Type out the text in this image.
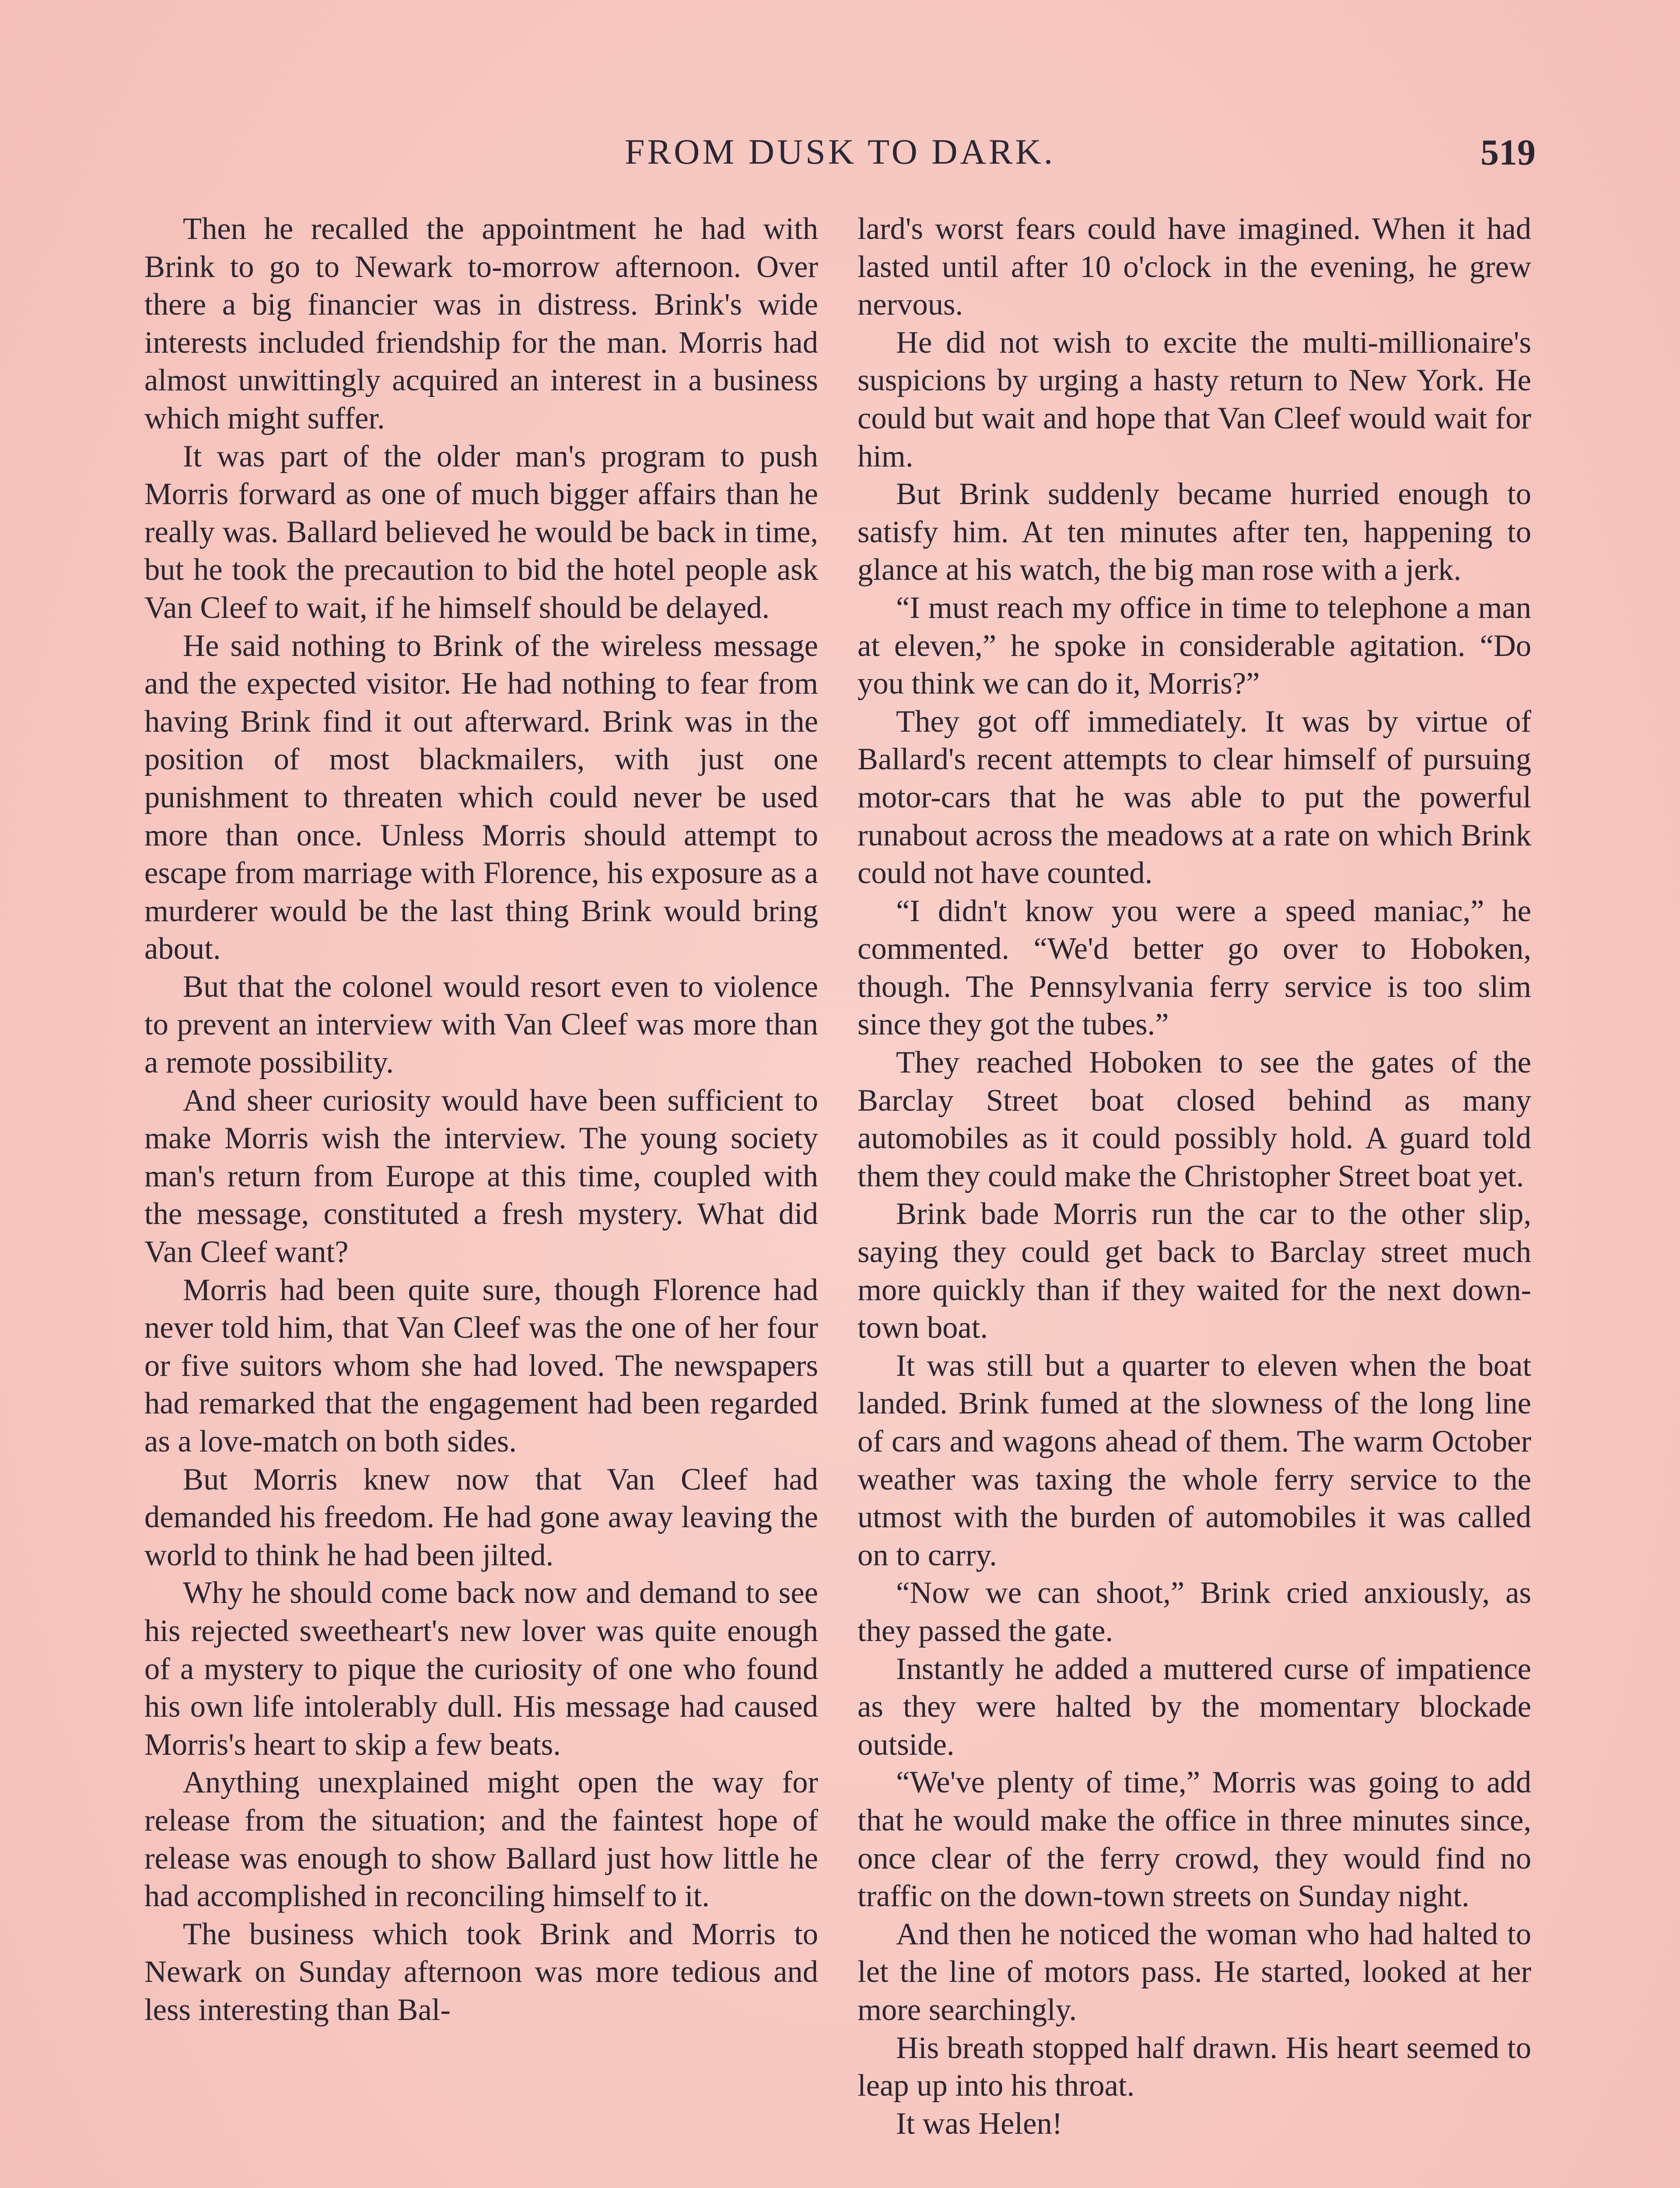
FROM DUSK TO DARK.	519

Then he recalled the appointment he had with Brink to go to Newark to-morrow afternoon. Over there a big financier was in distress. Brink's wide interests included friendship for the man. Morris had almost unwittingly acquired an interest in a business which might suffer.

It was part of the older man's program to push Morris forward as one of much bigger affairs than he really was. Ballard believed he would be back in time, but he took the precaution to bid the hotel people ask Van Cleef to wait, if he himself should be delayed.

He said nothing to Brink of the wireless message and the expected visitor. He had nothing to fear from having Brink find it out afterward. Brink was in the position of most blackmailers, with just one punishment to threaten which could never be used more than once. Unless Morris should attempt to escape from marriage with Florence, his exposure as a murderer would be the last thing Brink would bring about.

But that the colonel would resort even to violence to prevent an interview with Van Cleef was more than a remote possibility.

And sheer curiosity would have been sufficient to make Morris wish the interview. The young society man's return from Europe at this time, coupled with the message, constituted a fresh mystery. What did Van Cleef want?

Morris had been quite sure, though Florence had never told him, that Van Cleef was the one of her four or five suitors whom she had loved. The newspapers had remarked that the engagement had been regarded as a love-match on both sides.

But Morris knew now that Van Cleef had demanded his freedom. He had gone away leaving the world to think he had been jilted.

Why he should come back now and demand to see his rejected sweetheart's new lover was quite enough of a mystery to pique the curiosity of one who found his own life intolerably dull. His message had caused Morris's heart to skip a few beats.

Anything unexplained might open the way for release from the situation; and the faintest hope of release was enough to show Ballard just how little he had accomplished in reconciling himself to it.

The business which took Brink and Morris to Newark on Sunday afternoon was more tedious and less interesting than Bal-

lard's worst fears could have imagined. When it had lasted until after 10 o'clock in the evening, he grew nervous.

He did not wish to excite the multi-millionaire's suspicions by urging a hasty return to New York. He could but wait and hope that Van Cleef would wait for him.

But Brink suddenly became hurried enough to satisfy him. At ten minutes after ten, happening to glance at his watch, the big man rose with a jerk.

“I must reach my office in time to telephone a man at eleven,” he spoke in considerable agitation. “Do you think we can do it, Morris?”

They got off immediately. It was by virtue of Ballard's recent attempts to clear himself of pursuing motor-cars that he was able to put the powerful runabout across the meadows at a rate on which Brink could not have counted.

“I didn't know you were a speed maniac,” he commented. “We'd better go over to Hoboken, though. The Pennsylvania ferry service is too slim since they got the tubes.”

They reached Hoboken to see the gates of the Barclay Street boat closed behind as many automobiles as it could possibly hold. A guard told them they could make the Christopher Street boat yet.

Brink bade Morris run the car to the other slip, saying they could get back to Barclay street much more quickly than if they waited for the next down-town boat.

It was still but a quarter to eleven when the boat landed. Brink fumed at the slowness of the long line of cars and wagons ahead of them. The warm October weather was taxing the whole ferry service to the utmost with the burden of automobiles it was called on to carry.

“Now we can shoot,” Brink cried anxiously, as they passed the gate.

Instantly he added a muttered curse of impatience as they were halted by the momentary blockade outside.

“We've plenty of time,” Morris was going to add that he would make the office in three minutes since, once clear of the ferry crowd, they would find no traffic on the down-town streets on Sunday night.

And then he noticed the woman who had halted to let the line of motors pass. He started, looked at her more searchingly.

His breath stopped half drawn. His heart seemed to leap up into his throat.

It was Helen!
